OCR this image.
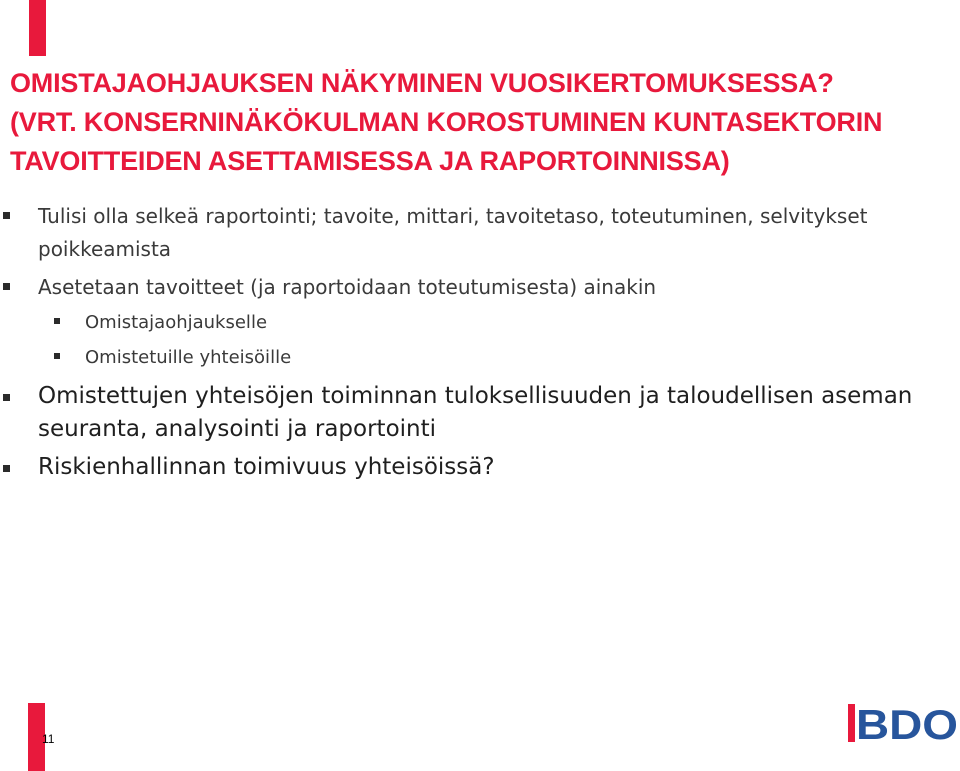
OMISTAJAOHJAUKSEN NÄKYMINEN VUOSIKERTOMUKSESSA?
(VRT. KONSERNINÄKÖKULMAN KOROSTUMINEN KUNTASEKTORIN
TAVOITTEIDEN ASETTAMISESSA JA RAPORTOINNISSA)
Tulisi olla selkeä raportointi; tavoite, mittari, tavoitetaso, toteutuminen, selvitykset poikkeamista
Asetetaan tavoitteet (ja raportoidaan toteutumisesta) ainakin
Omistajaohjaukselle
Omistetuille yhteisöille
Omistettujen yhteisöjen toiminnan tuloksellisuuden ja taloudellisen aseman seuranta, analysointi ja raportointi
Riskienhallinnan toimivuus yhteisöissä?
11	BDO
